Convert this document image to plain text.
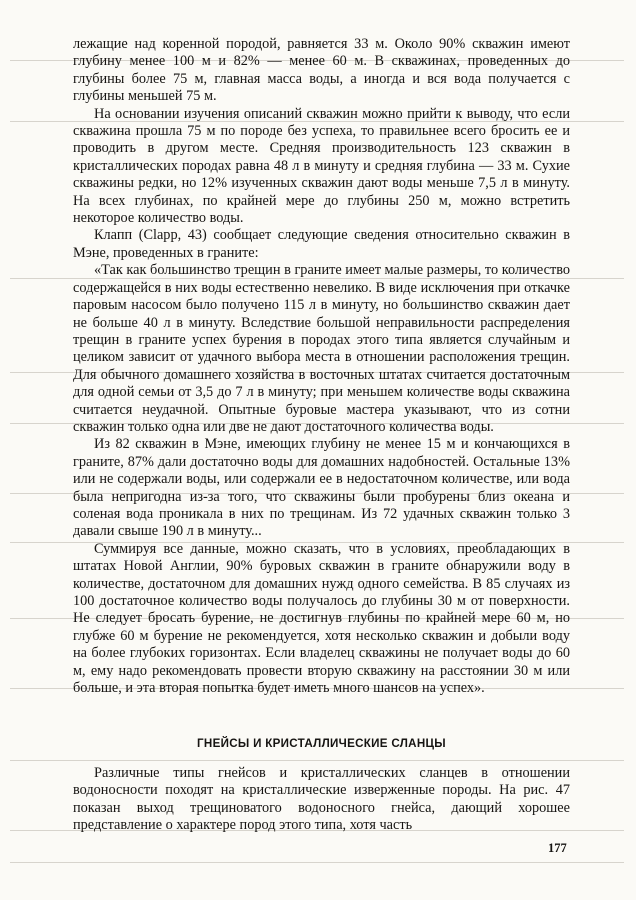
лежащие над коренной породой, равняется 33 м. Около 90% скважин имеют глубину менее 100 м и 82% — менее 60 м. В скважинах, проведенных до глубины более 75 м, главная масса воды, а иногда и вся вода получается с глубины меньшей 75 м.

На основании изучения описаний скважин можно прийти к выводу, что если скважина прошла 75 м по породе без успеха, то правильнее всего бросить ее и проводить в другом месте. Средняя производительность 123 скважин в кристаллических породах равна 48 л в минуту и средняя глубина — 33 м. Сухие скважины редки, но 12% изученных скважин дают воды меньше 7,5 л в минуту. На всех глубинах, по крайней мере до глубины 250 м, можно встретить некоторое количество воды.

Клапп (Clapp, 43) сообщает следующие сведения относительно скважин в Мэне, проведенных в граните:

«Так как большинство трещин в граните имеет малые размеры, то количество содержащейся в них воды естественно невелико. В виде исключения при откачке паровым насосом было получено 115 л в минуту, но большинство скважин дает не больше 40 л в минуту. Вследствие большой неправильности распределения трещин в граните успех бурения в породах этого типа является случайным и целиком зависит от удачного выбора места в отношении расположения трещин. Для обычного домашнего хозяйства в восточных штатах считается достаточным для одной семьи от 3,5 до 7 л в минуту; при меньшем количестве воды скважина считается неудачной. Опытные буровые мастера указывают, что из сотни скважин только одна или две не дают достаточного количества воды.

Из 82 скважин в Мэне, имеющих глубину не менее 15 м и кончающихся в граните, 87% дали достаточно воды для домашних надобностей. Остальные 13% или не содержали воды, или содержали ее в недостаточном количестве, или вода была непригодна из-за того, что скважины были пробурены близ океана и соленая вода проникала в них по трещинам. Из 72 удачных скважин только 3 давали свыше 190 л в минуту...

Суммируя все данные, можно сказать, что в условиях, преобладающих в штатах Новой Англии, 90% буровых скважин в граните обнаружили воду в количестве, достаточном для домашних нужд одного семейства. В 85 случаях из 100 достаточное количество воды получалось до глубины 30 м от поверхности. Не следует бросать бурение, не достигнув глубины по крайней мере 60 м, но глубже 60 м бурение не рекомендуется, хотя несколько скважин и добыли воду на более глубоких горизонтах. Если владелец скважины не получает воды до 60 м, ему надо рекомендовать провести вторую скважину на расстоянии 30 м или больше, и эта вторая попытка будет иметь много шансов на успех».

ГНЕЙСЫ И КРИСТАЛЛИЧЕСКИЕ СЛАНЦЫ

Различные типы гнейсов и кристаллических сланцев в отношении водоносности походят на кристаллические изверженные породы. На рис. 47 показан выход трещиноватого водоносного гнейса, дающий хорошее представление о характере пород этого типа, хотя часть

177
